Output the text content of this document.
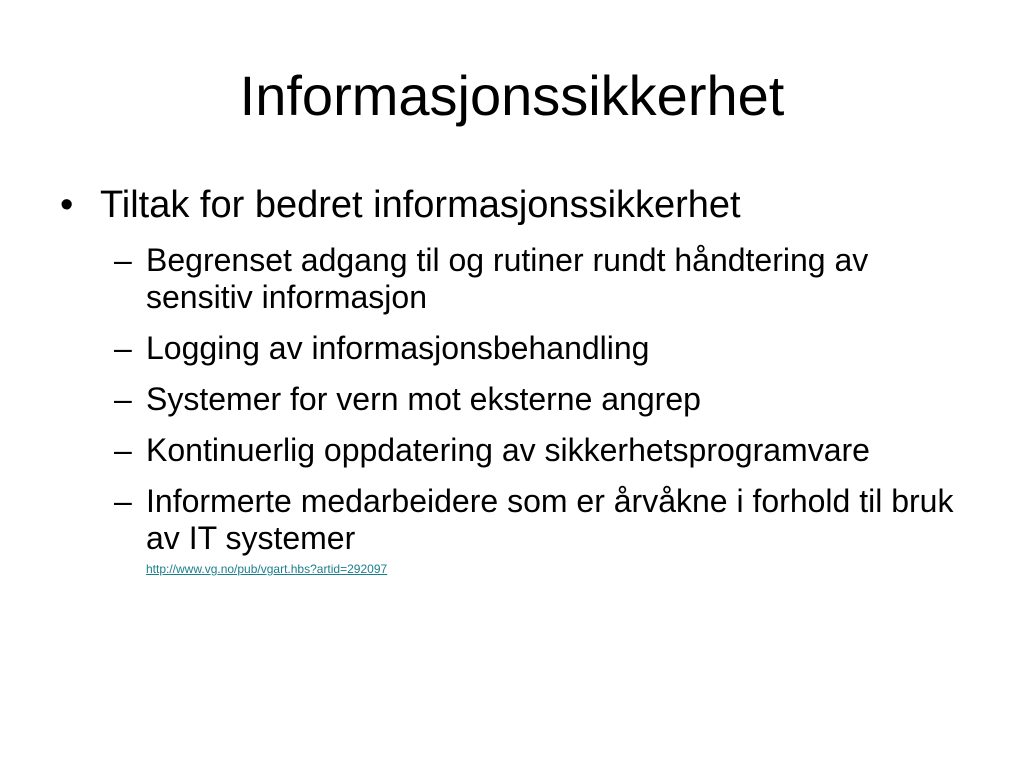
Informasjonssikkerhet
• Tiltak for bedret informasjonssikkerhet
– Begrenset adgang til og rutiner rundt håndtering av sensitiv informasjon
– Logging av informasjonsbehandling
– Systemer for vern mot eksterne angrep
– Kontinuerlig oppdatering av sikkerhetsprogramvare
– Informerte medarbeidere som er årvåkne i forhold til bruk av IT systemer
http://www.vg.no/pub/vgart.hbs?artid=292097
